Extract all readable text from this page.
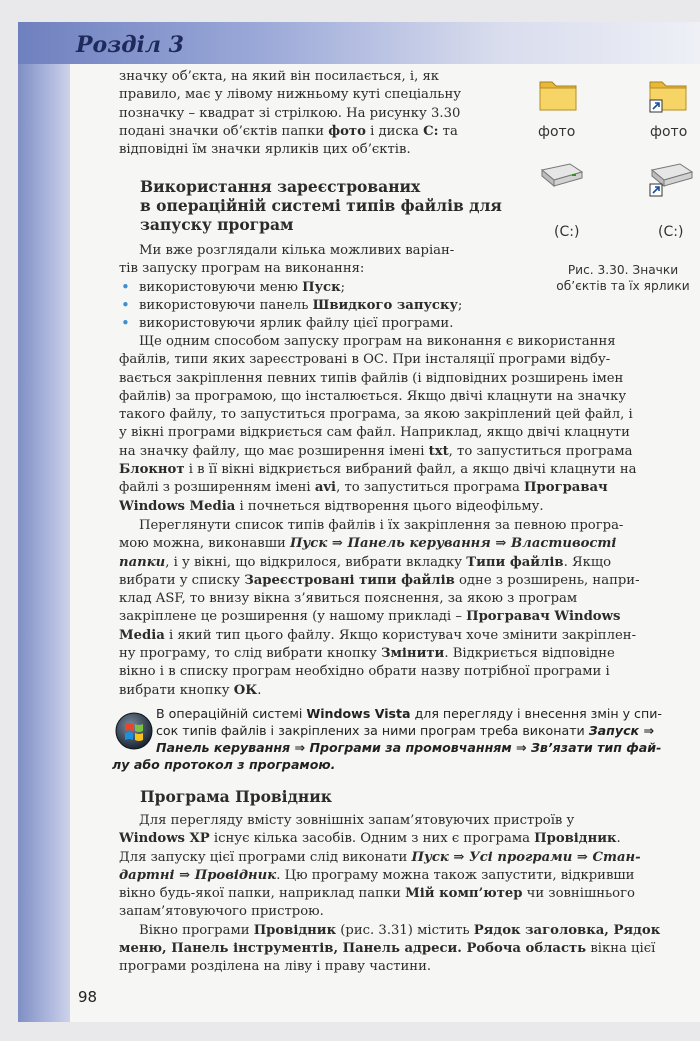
Розділ 3

значку об’єкта, на який він посилається, і, як

правило, має у лівому нижньому куті спеціальну

позначку – квадрат зі стрілкою. На рисунку 3.30

подані значки об’єктів папки фото і диска С: та

відповідні їм значки ярликів цих об’єктів.

фото	фото
(C:)	(C:)
Рис. 3.30. Значки
об’єктів та їх ярлики
Використання зареєстрованих
в операційній системі типів файлів для
запуску програм

Ми вже розглядали кілька можливих варіан-

тів запуску програм на виконання:

• використовуючи меню Пуск;
• використовуючи панель Швидкого запуску;
• використовуючи ярлик файлу цієї програми.

Ще одним способом запуску програм на виконання є використання

файлів, типи яких зареєстровані в ОС. При інсталяції програми відбу-

вається закріплення певних типів файлів (і відповідних розширень імен

файлів) за програмою, що інсталюється. Якщо двічі клацнути на значку

такого файлу, то запуститься програма, за якою закріплений цей файл, і

у вікні програми відкриється сам файл. Наприклад, якщо двічі клацнути

на значку файлу, що має розширення імені txt, то запуститься програма

Блокнот і в її вікні відкриється вибраний файл, а якщо двічі клацнути на

файлі з розширенням імені avi, то запуститься програма Програвач

Windows Media і почнеться відтворення цього відеофільму.

Переглянути список типів файлів і їх закріплення за певною програ-

мою можна, виконавши Пуск ⇒ Панель керування ⇒ Властивості

папки, і у вікні, що відкрилося, вибрати вкладку Типи файлів. Якщо

вибрати у списку Зареєстровані типи файлів одне з розширень, напри-

клад ASF, то внизу вікна з’явиться пояснення, за якою з програм

закріплене це розширення (у нашому прикладі – Програвач Windows

Media і який тип цього файлу. Якщо користувач хоче змінити закріплен-

ну програму, то слід вибрати кнопку Змінити. Відкриється відповідне

вікно і в списку програм необхідно обрати назву потрібної програми і

вибрати кнопку ОК.

В операційній системі Windows Vista для перегляду і внесення змін у спи-
сок типів файлів і закріплених за ними програм треба виконати Запуск ⇒
Панель керування ⇒ Програми за промовчанням ⇒ Зв’язати тип фай-
лу або протокол з програмою.
Програма Провідник

Для перегляду вмісту зовнішніх запам’ятовуючих пристроїв у

Windows XP існує кілька засобів. Одним з них є програма Провідник.

Для запуску цієї програми слід виконати Пуск ⇒ Усі програми ⇒ Стан-

дартні ⇒ Провідник. Цю програму можна також запустити, відкривши

вікно будь-якої папки, наприклад папки Мій комп’ютер чи зовнішнього

запам’ятовуючого пристрою.

Вікно програми Провідник (рис. 3.31) містить Рядок заголовка, Рядок

меню, Панель інструментів, Панель адреси. Робоча область вікна цієї

програми розділена на ліву і праву частини.

98
